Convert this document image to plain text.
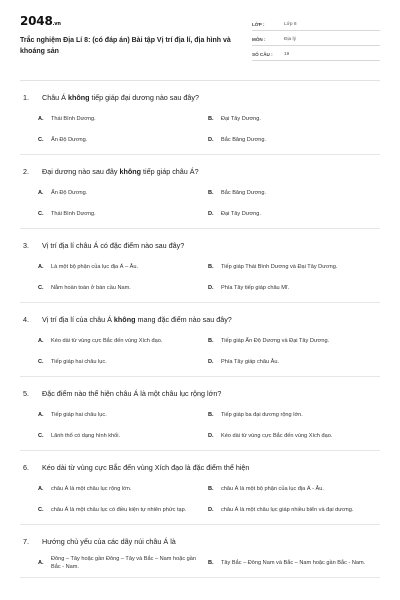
2048.vn
Trắc nghiệm Địa Lí 8: (có đáp án) Bài tập Vị trí địa lí, địa hình và khoáng sản
LỚP :	Lớp 8
MÔN :	Địa lý
SỐ CÂU :	19
1.	Châu Á không tiếp giáp đại dương nào sau đây?
A.	Thái Bình Dương.	B.	Đại Tây Dương.
C.	Ấn Độ Dương.	D.	Bắc Băng Dương.
2.	Đại dương nào sau đây không tiếp giáp châu Á?
A.	Ấn Độ Dương.	B.	Bắc Băng Dương.
C.	Thái Bình Dương.	D.	Đại Tây Dương.
3.	Vị trí địa lí châu Á có đặc điểm nào sau đây?
A.	Là một bộ phận của lục địa Á – Âu.	B.	Tiếp giáp Thái Bình Dương và Đại Tây Dương.
C.	Nằm hoàn toàn ở bán cầu Nam.	D.	Phía Tây tiếp giáp châu Mĩ.
4.	Vị trí địa lí của châu Á không mang đặc điểm nào sau đây?
A.	Kéo dài từ vùng cực Bắc đến vùng Xích đạo.	B.	Tiếp giáp Ấn Độ Dương và Đại Tây Dương.
C.	Tiếp giáp hai châu lục.	D.	Phía Tây giáp châu Âu.
5.	Đặc điểm nào thể hiện châu Á là một châu lục rộng lớn?
A.	Tiếp giáp hai châu lục.	B.	Tiếp giáp ba đại dương rộng lớn.
C.	Lãnh thổ có dạng hình khối.	D.	Kéo dài từ vùng cực Bắc đến vùng Xích đạo.
6.	Kéo dài từ vùng cực Bắc đến vùng Xích đạo là đặc điểm thể hiện
A.	châu Á là một châu lục rộng lớn.	B.	châu Á là một bộ phận của lục địa Á - Âu.
C.	châu Á là một châu lục có điều kiện tự nhiên phức tạp.	D.	châu Á là một châu lục giáp nhiều biển và đại dương.
7.	Hướng chủ yếu của các dãy núi châu Á là
A.
Đông – Tây hoặc gần Đông – Tây và Bắc – Nam hoặc gần Bắc - Nam.
B.	Tây Bắc – Đông Nam và Bắc – Nam hoặc gần Bắc - Nam.
